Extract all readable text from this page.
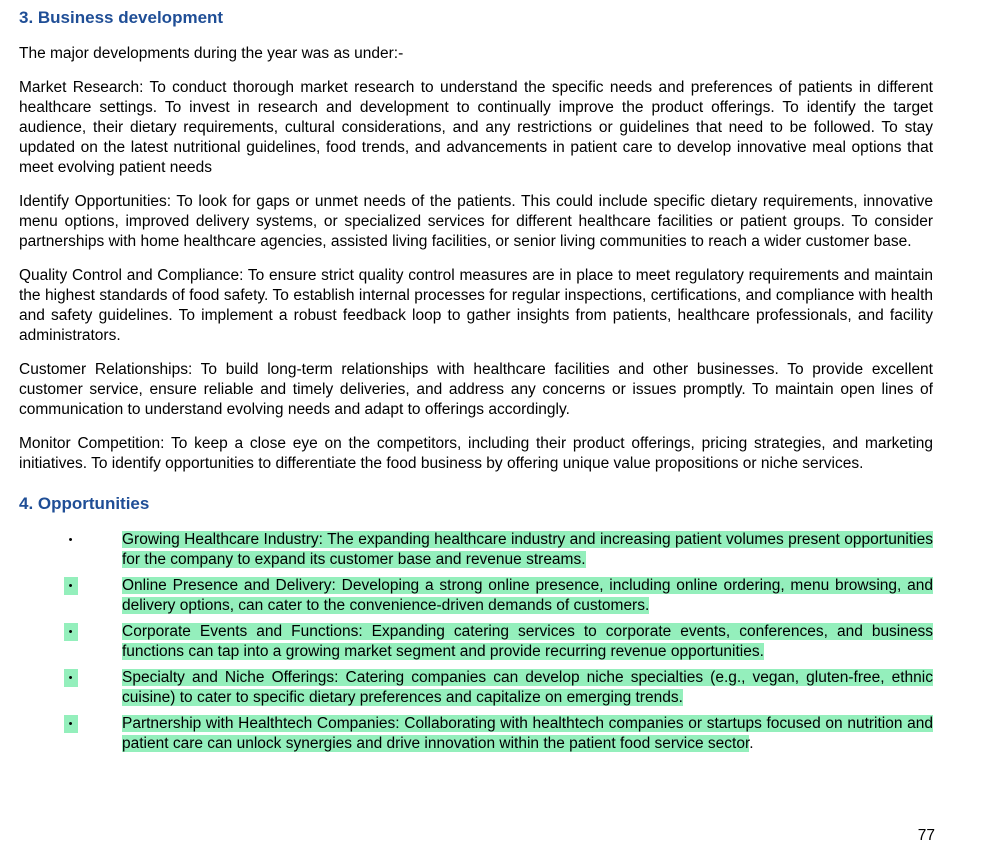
3. Business development

The major developments during the year was as under:-

Market Research: To conduct thorough market research to understand the specific needs and preferences of patients in different healthcare settings. To invest in research and development to continually improve the product offerings. To identify the target audience, their dietary requirements, cultural considerations, and any restrictions or guidelines that need to be followed. To stay updated on the latest nutritional guidelines, food trends, and advancements in patient care to develop innovative meal options that meet evolving patient needs

Identify Opportunities: To look for gaps or unmet needs of the patients. This could include specific dietary requirements, innovative menu options, improved delivery systems, or specialized services for different healthcare facilities or patient groups. To consider partnerships with home healthcare agencies, assisted living facilities, or senior living communities to reach a wider customer base.

Quality Control and Compliance: To ensure strict quality control measures are in place to meet regulatory requirements and maintain the highest standards of food safety. To establish internal processes for regular inspections, certifications, and compliance with health and safety guidelines. To implement a robust feedback loop to gather insights from patients, healthcare professionals, and facility administrators.

Customer Relationships: To build long-term relationships with healthcare facilities and other businesses. To provide excellent customer service, ensure reliable and timely deliveries, and address any concerns or issues promptly. To maintain open lines of communication to understand evolving needs and adapt to offerings accordingly.

Monitor Competition: To keep a close eye on the competitors, including their product offerings, pricing strategies, and marketing initiatives. To identify opportunities to differentiate the food business by offering unique value propositions or niche services.

4. Opportunities
•	Growing Healthcare Industry: The expanding healthcare industry and increasing patient volumes present opportunities for the company to expand its customer base and revenue streams.
•	Online Presence and Delivery: Developing a strong online presence, including online ordering, menu browsing, and delivery options, can cater to the convenience-driven demands of customers.
•	Corporate Events and Functions: Expanding catering services to corporate events, conferences, and business functions can tap into a growing market segment and provide recurring revenue opportunities.
•	Specialty and Niche Offerings: Catering companies can develop niche specialties (e.g., vegan, gluten-free, ethnic cuisine) to cater to specific dietary preferences and capitalize on emerging trends.
•	Partnership with Healthtech Companies: Collaborating with healthtech companies or startups focused on nutrition and patient care can unlock synergies and drive innovation within the patient food service sector.
77
